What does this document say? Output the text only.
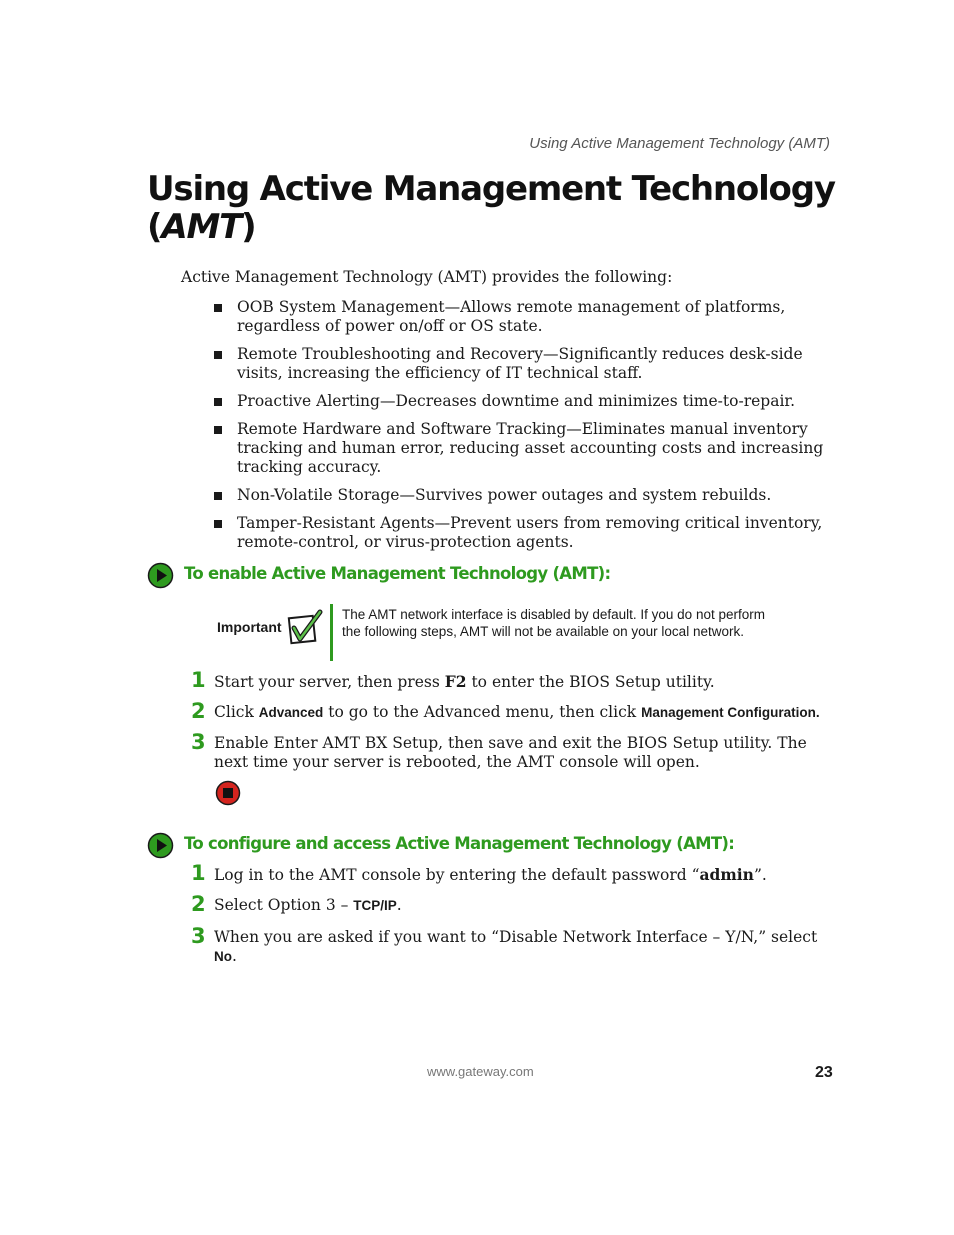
Using Active Management Technology (AMT)
Using Active Management Technology
(AMT)
Active Management Technology (AMT) provides the following:
OOB System Management—Allows remote management of platforms, regardless of power on/off or OS state.
Remote Troubleshooting and Recovery—Significantly reduces desk-side visits, increasing the efficiency of IT technical staff.
Proactive Alerting—Decreases downtime and minimizes time-to-repair.
Remote Hardware and Software Tracking—Eliminates manual inventory tracking and human error, reducing asset accounting costs and increasing tracking accuracy.
Non-Volatile Storage—Survives power outages and system rebuilds.
Tamper-Resistant Agents—Prevent users from removing critical inventory, remote-control, or virus-protection agents.
To enable Active Management Technology (AMT):
Important
The AMT network interface is disabled by default. If you do not perform the following steps, AMT will not be available on your local network.
1 Start your server, then press F2 to enter the BIOS Setup utility.
2 Click Advanced to go to the Advanced menu, then click Management Configuration.
3 Enable Enter AMT BX Setup, then save and exit the BIOS Setup utility. The next time your server is rebooted, the AMT console will open.
To configure and access Active Management Technology (AMT):
1 Log in to the AMT console by entering the default password “admin”.
2 Select Option 3 – TCP/IP.
3 When you are asked if you want to “Disable Network Interface – Y/N,” select No.
www.gateway.com	23
